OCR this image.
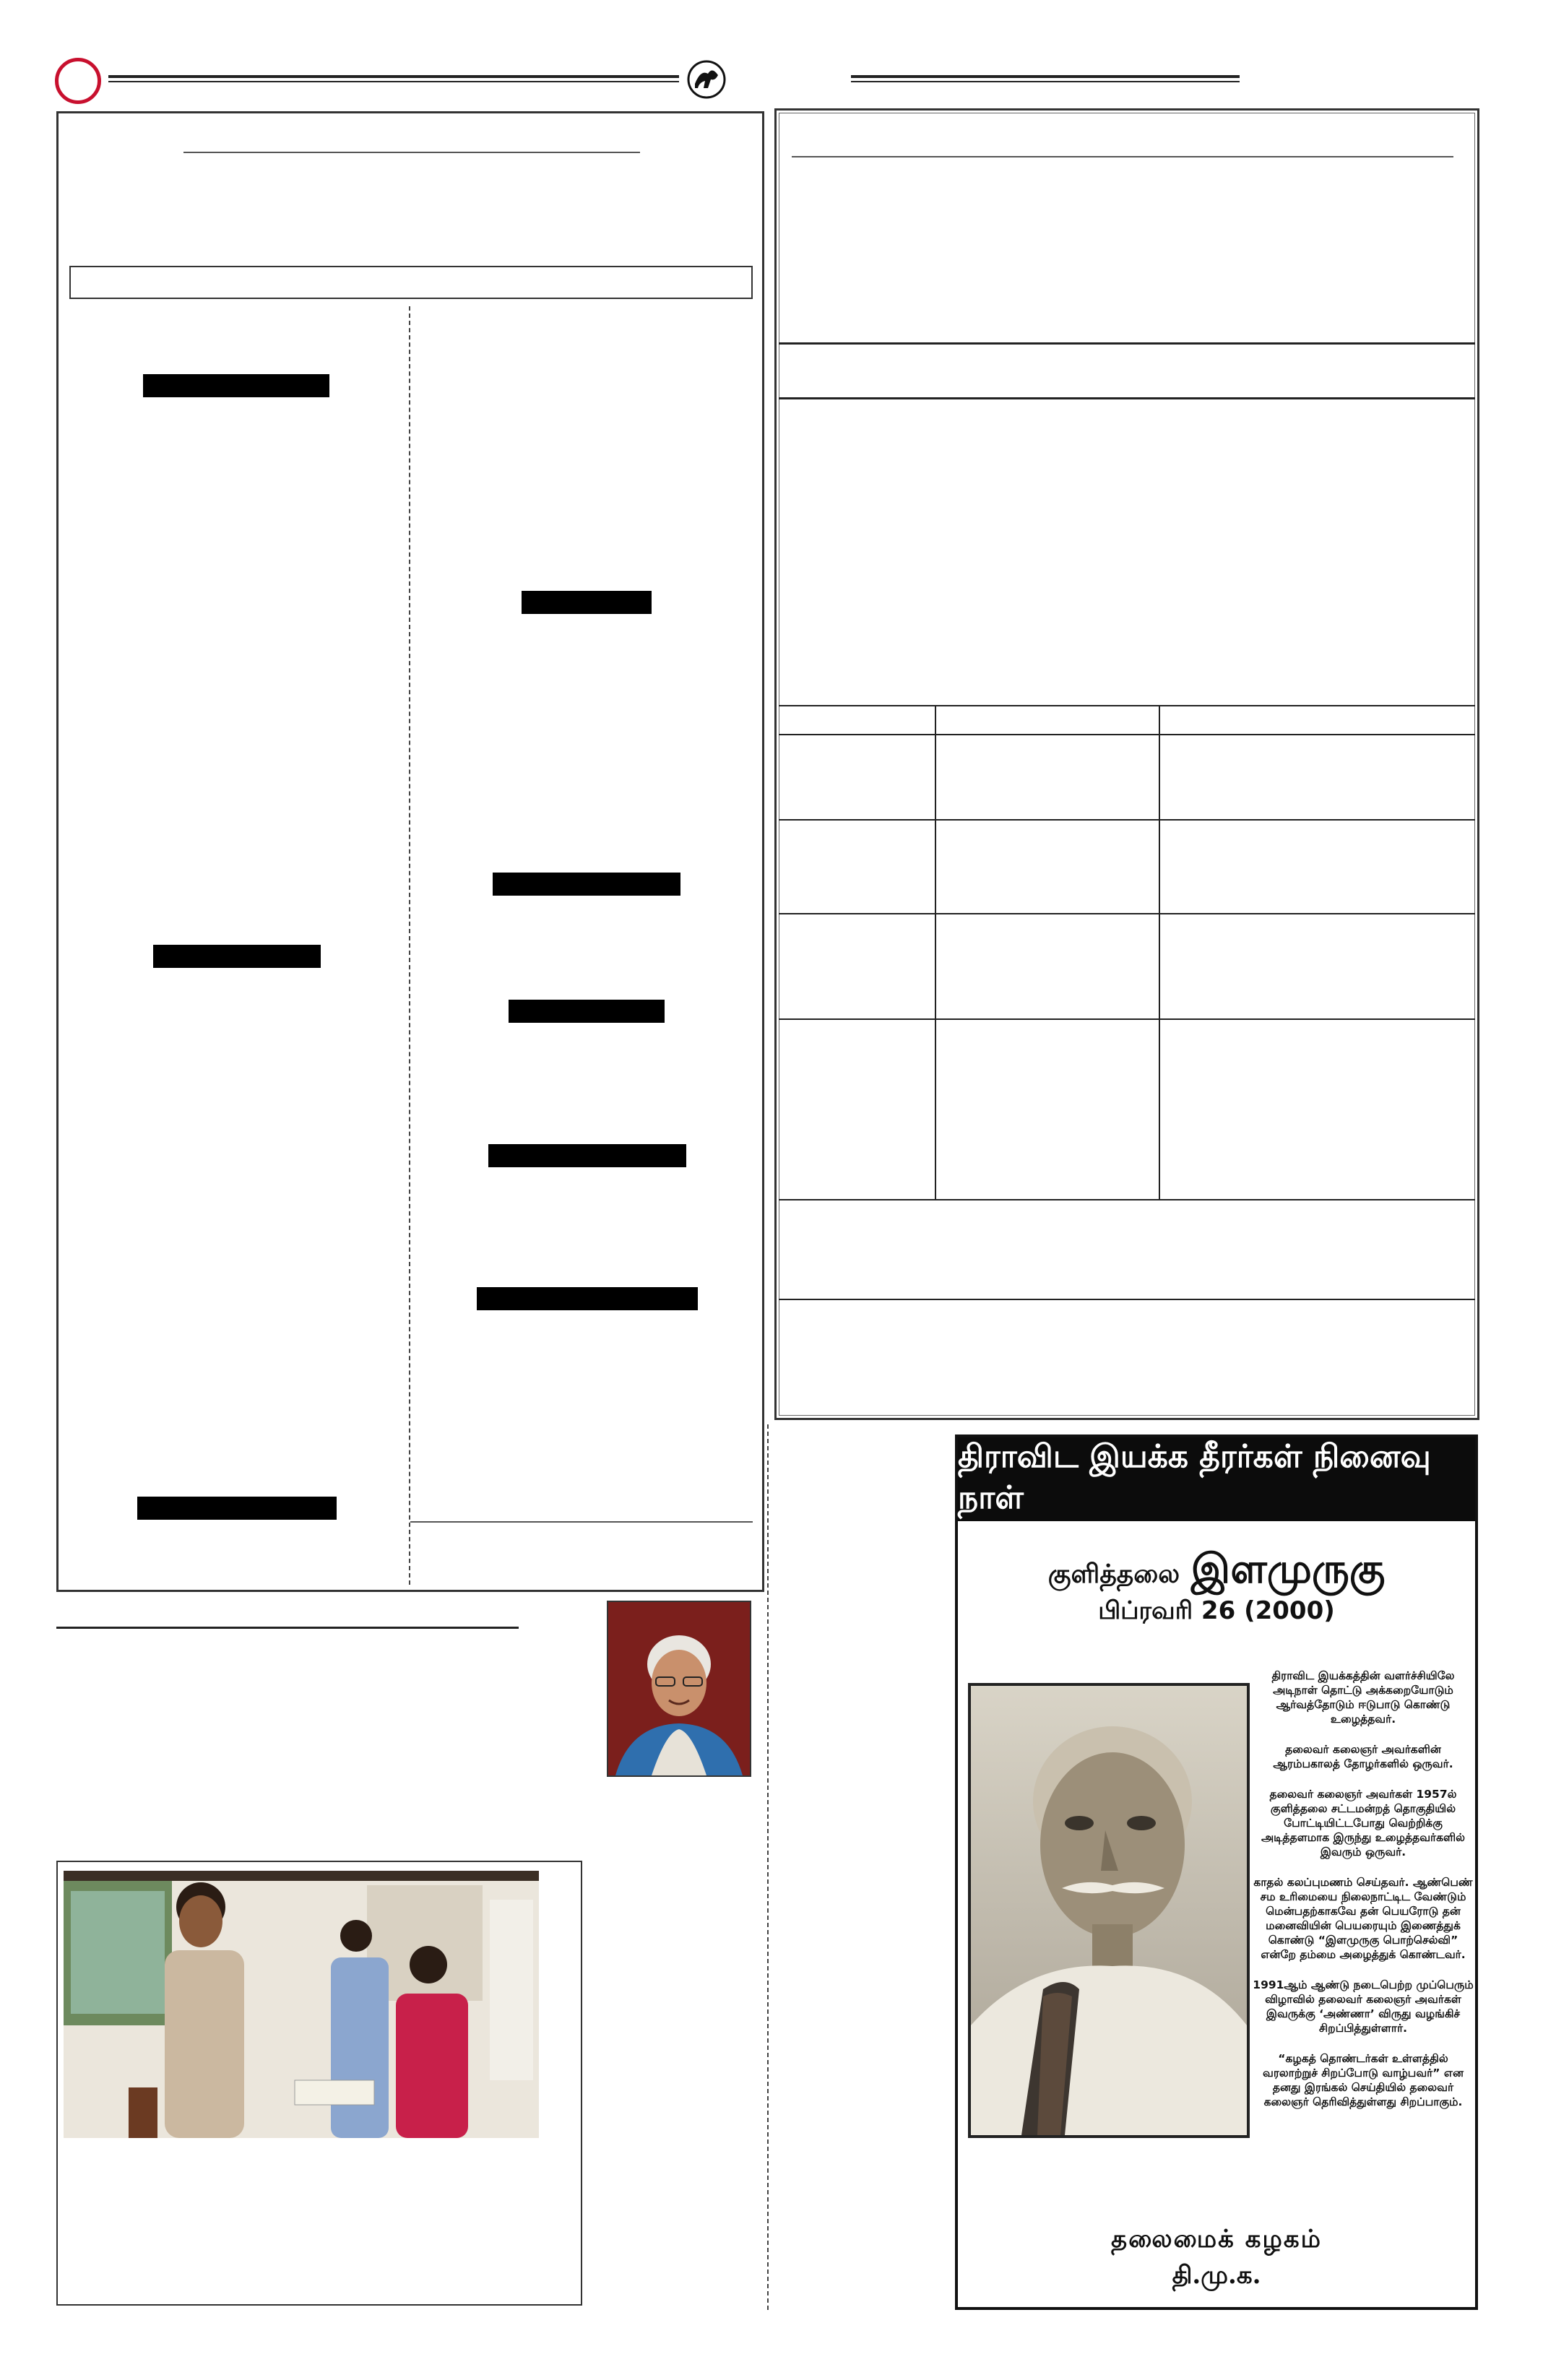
திராவிட இயக்க தீரர்கள் நினைவு நாள்
குளித்தலை இளமுருகு
பிப்ரவரி 26 (2000)

திராவிட இயக்கத்தின் வளர்ச்சியிலே அடிநாள் தொட்டு அக்கறையோடும் ஆர்வத்தோடும் ஈடுபாடு கொண்டு உழைத்தவர்.

தலைவர் கலைஞர் அவர்களின் ஆரம்பகாலத் தோழர்களில் ஒருவர்.

தலைவர் கலைஞர் அவர்கள் 1957ல் குளித்தலை சட்டமன்றத் தொகுதியில் போட்டியிட்டபோது வெற்றிக்கு அடித்தளமாக இருந்து உழைத்தவர்களில் இவரும் ஒருவர்.

காதல் கலப்புமணம் செய்தவர். ஆண்பெண் சம உரிமையை நிலைநாட்டிட வேண்டும் மென்பதற்காகவே தன் பெயரோடு தன் மனைவியின் பெயரையும் இணைத்துக் கொண்டு “இளமுருகு பொற்செல்வி” என்றே தம்மை அழைத்துக் கொண்டவர்.

1991ஆம் ஆண்டு நடைபெற்ற முப்பெரும் விழாவில் தலைவர் கலைஞர் அவர்கள் இவருக்கு ‘அண்ணா’ விருது வழங்கிச் சிறப்பித்துள்ளார்.

“கழகத் தொண்டர்கள் உள்ளத்தில் வரலாற்றுச் சிறப்போடு வாழ்பவர்” என தனது இரங்கல் செய்தியில் தலைவர் கலைஞர் தெரிவித்துள்ளது சிறப்பாகும்.

தலைமைக் கழகம்
தி.மு.க.
